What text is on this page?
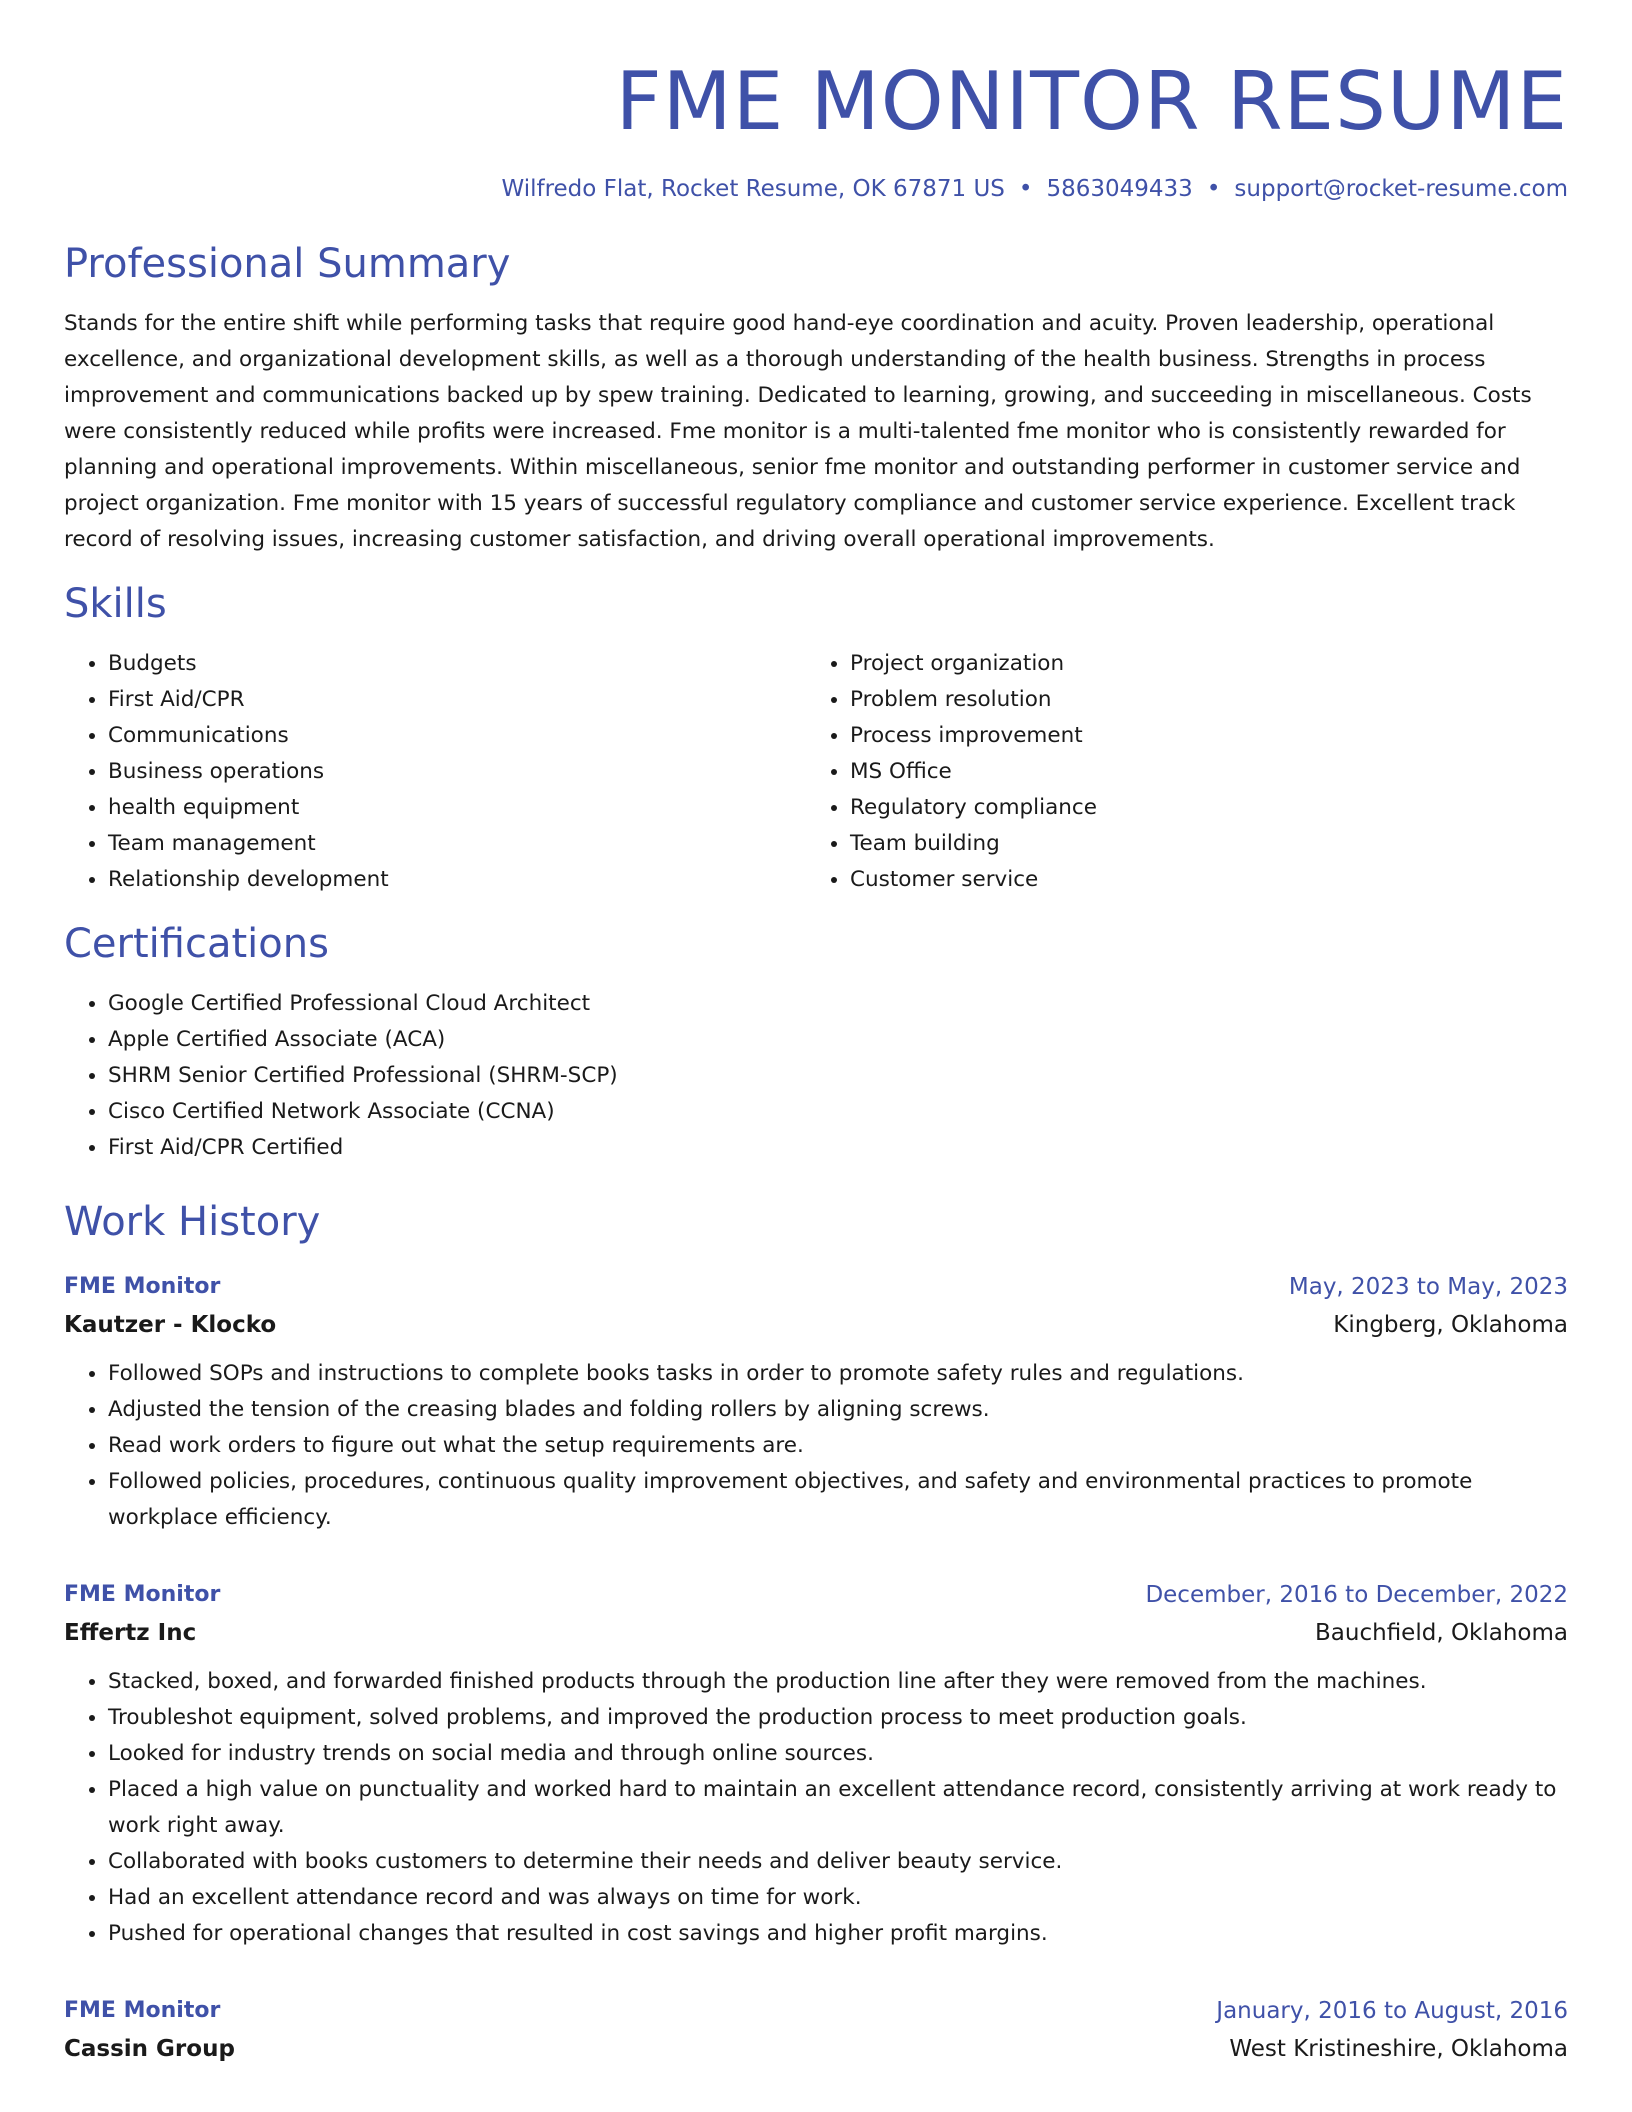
FME MONITOR RESUME
Wilfredo Flat, Rocket Resume, OK 67871 US • 5863049433 • support@rocket-resume.com
Professional Summary

Stands for the entire shift while performing tasks that require good hand-eye coordination and acuity. Proven leadership, operational excellence, and organizational development skills, as well as a thorough understanding of the health business. Strengths in process improvement and communications backed up by spew training. Dedicated to learning, growing, and succeeding in miscellaneous. Costs were consistently reduced while profits were increased. Fme monitor is a multi-talented fme monitor who is consistently rewarded for planning and operational improvements. Within miscellaneous, senior fme monitor and outstanding performer in customer service and project organization. Fme monitor with 15 years of successful regulatory compliance and customer service experience. Excellent track record of resolving issues, increasing customer satisfaction, and driving overall operational improvements.

Skills
• Budgets
• First Aid/CPR
• Communications
• Business operations
• health equipment
• Team management
• Relationship development
• Project organization
• Problem resolution
• Process improvement
• MS Office
• Regulatory compliance
• Team building
• Customer service
Certifications
• Google Certified Professional Cloud Architect
• Apple Certified Associate (ACA)
• SHRM Senior Certified Professional (SHRM-SCP)
• Cisco Certified Network Associate (CCNA)
• First Aid/CPR Certified
Work History
FME Monitor	May, 2023 to May, 2023
Kautzer - Klocko	Kingberg, Oklahoma
• Followed SOPs and instructions to complete books tasks in order to promote safety rules and regulations.
• Adjusted the tension of the creasing blades and folding rollers by aligning screws.
• Read work orders to figure out what the setup requirements are.
• Followed policies, procedures, continuous quality improvement objectives, and safety and environmental practices to promote workplace efficiency.
FME Monitor	December, 2016 to December, 2022
Effertz Inc	Bauchfield, Oklahoma
• Stacked, boxed, and forwarded finished products through the production line after they were removed from the machines.
• Troubleshot equipment, solved problems, and improved the production process to meet production goals.
• Looked for industry trends on social media and through online sources.
• Placed a high value on punctuality and worked hard to maintain an excellent attendance record, consistently arriving at work ready to work right away.
• Collaborated with books customers to determine their needs and deliver beauty service.
• Had an excellent attendance record and was always on time for work.
• Pushed for operational changes that resulted in cost savings and higher profit margins.
FME Monitor	January, 2016 to August, 2016
Cassin Group	West Kristineshire, Oklahoma
